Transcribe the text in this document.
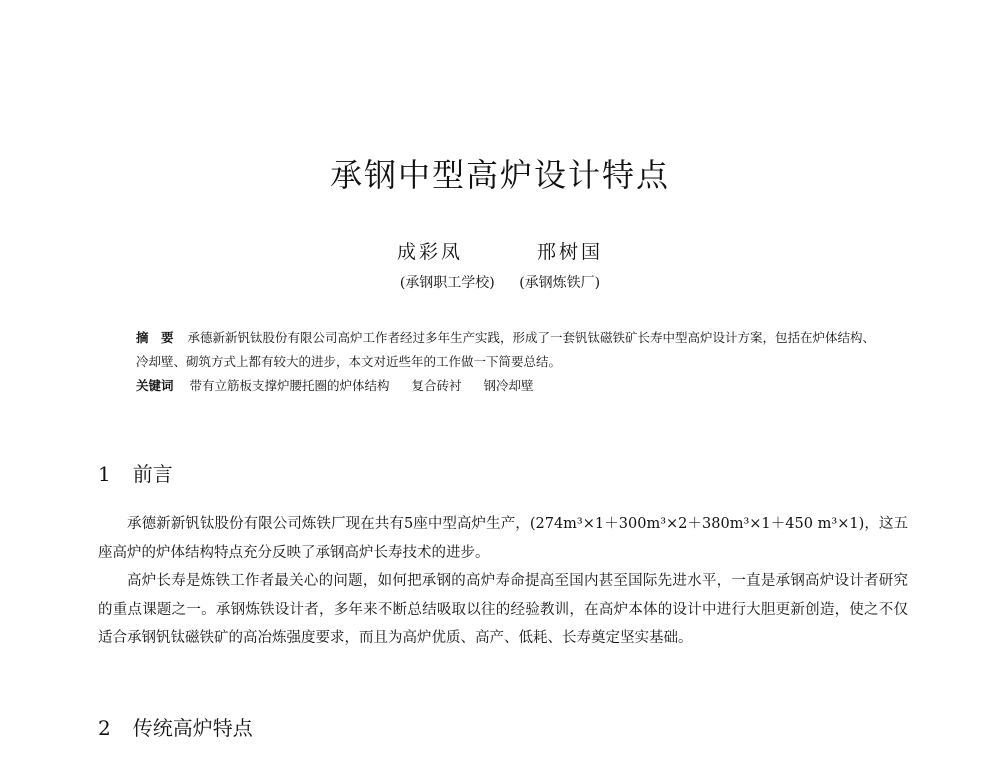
承钢中型高炉设计特点
成彩凤	邢树国
(承钢职工学校) (承钢炼铁厂)
摘　要 承德新新钒钛股份有限公司高炉工作者经过多年生产实践，形成了一套钒钛磁铁矿长寿中型高炉设计方案，包括在炉体结构、冷却壁、砌筑方式上都有较大的进步，本文对近些年的工作做一下简要总结。
关键词 带有立筋板支撑炉腰托圈的炉体结构 复合砖衬 钢冷却壁
1 前言

承德新新钒钛股份有限公司炼铁厂现在共有5座中型高炉生产，(274m³×1＋300m³×2＋380m³×1＋450 m³×1)，这五座高炉的炉体结构特点充分反映了承钢高炉长寿技术的进步。

高炉长寿是炼铁工作者最关心的问题，如何把承钢的高炉寿命提高至国内甚至国际先进水平，一直是承钢高炉设计者研究的重点课题之一。承钢炼铁设计者，多年来不断总结吸取以往的经验教训，在高炉本体的设计中进行大胆更新创造，使之不仅适合承钢钒钛磁铁矿的高冶炼强度要求，而且为高炉优质、高产、低耗、长寿奠定坚实基础。

2 传统高炉特点
